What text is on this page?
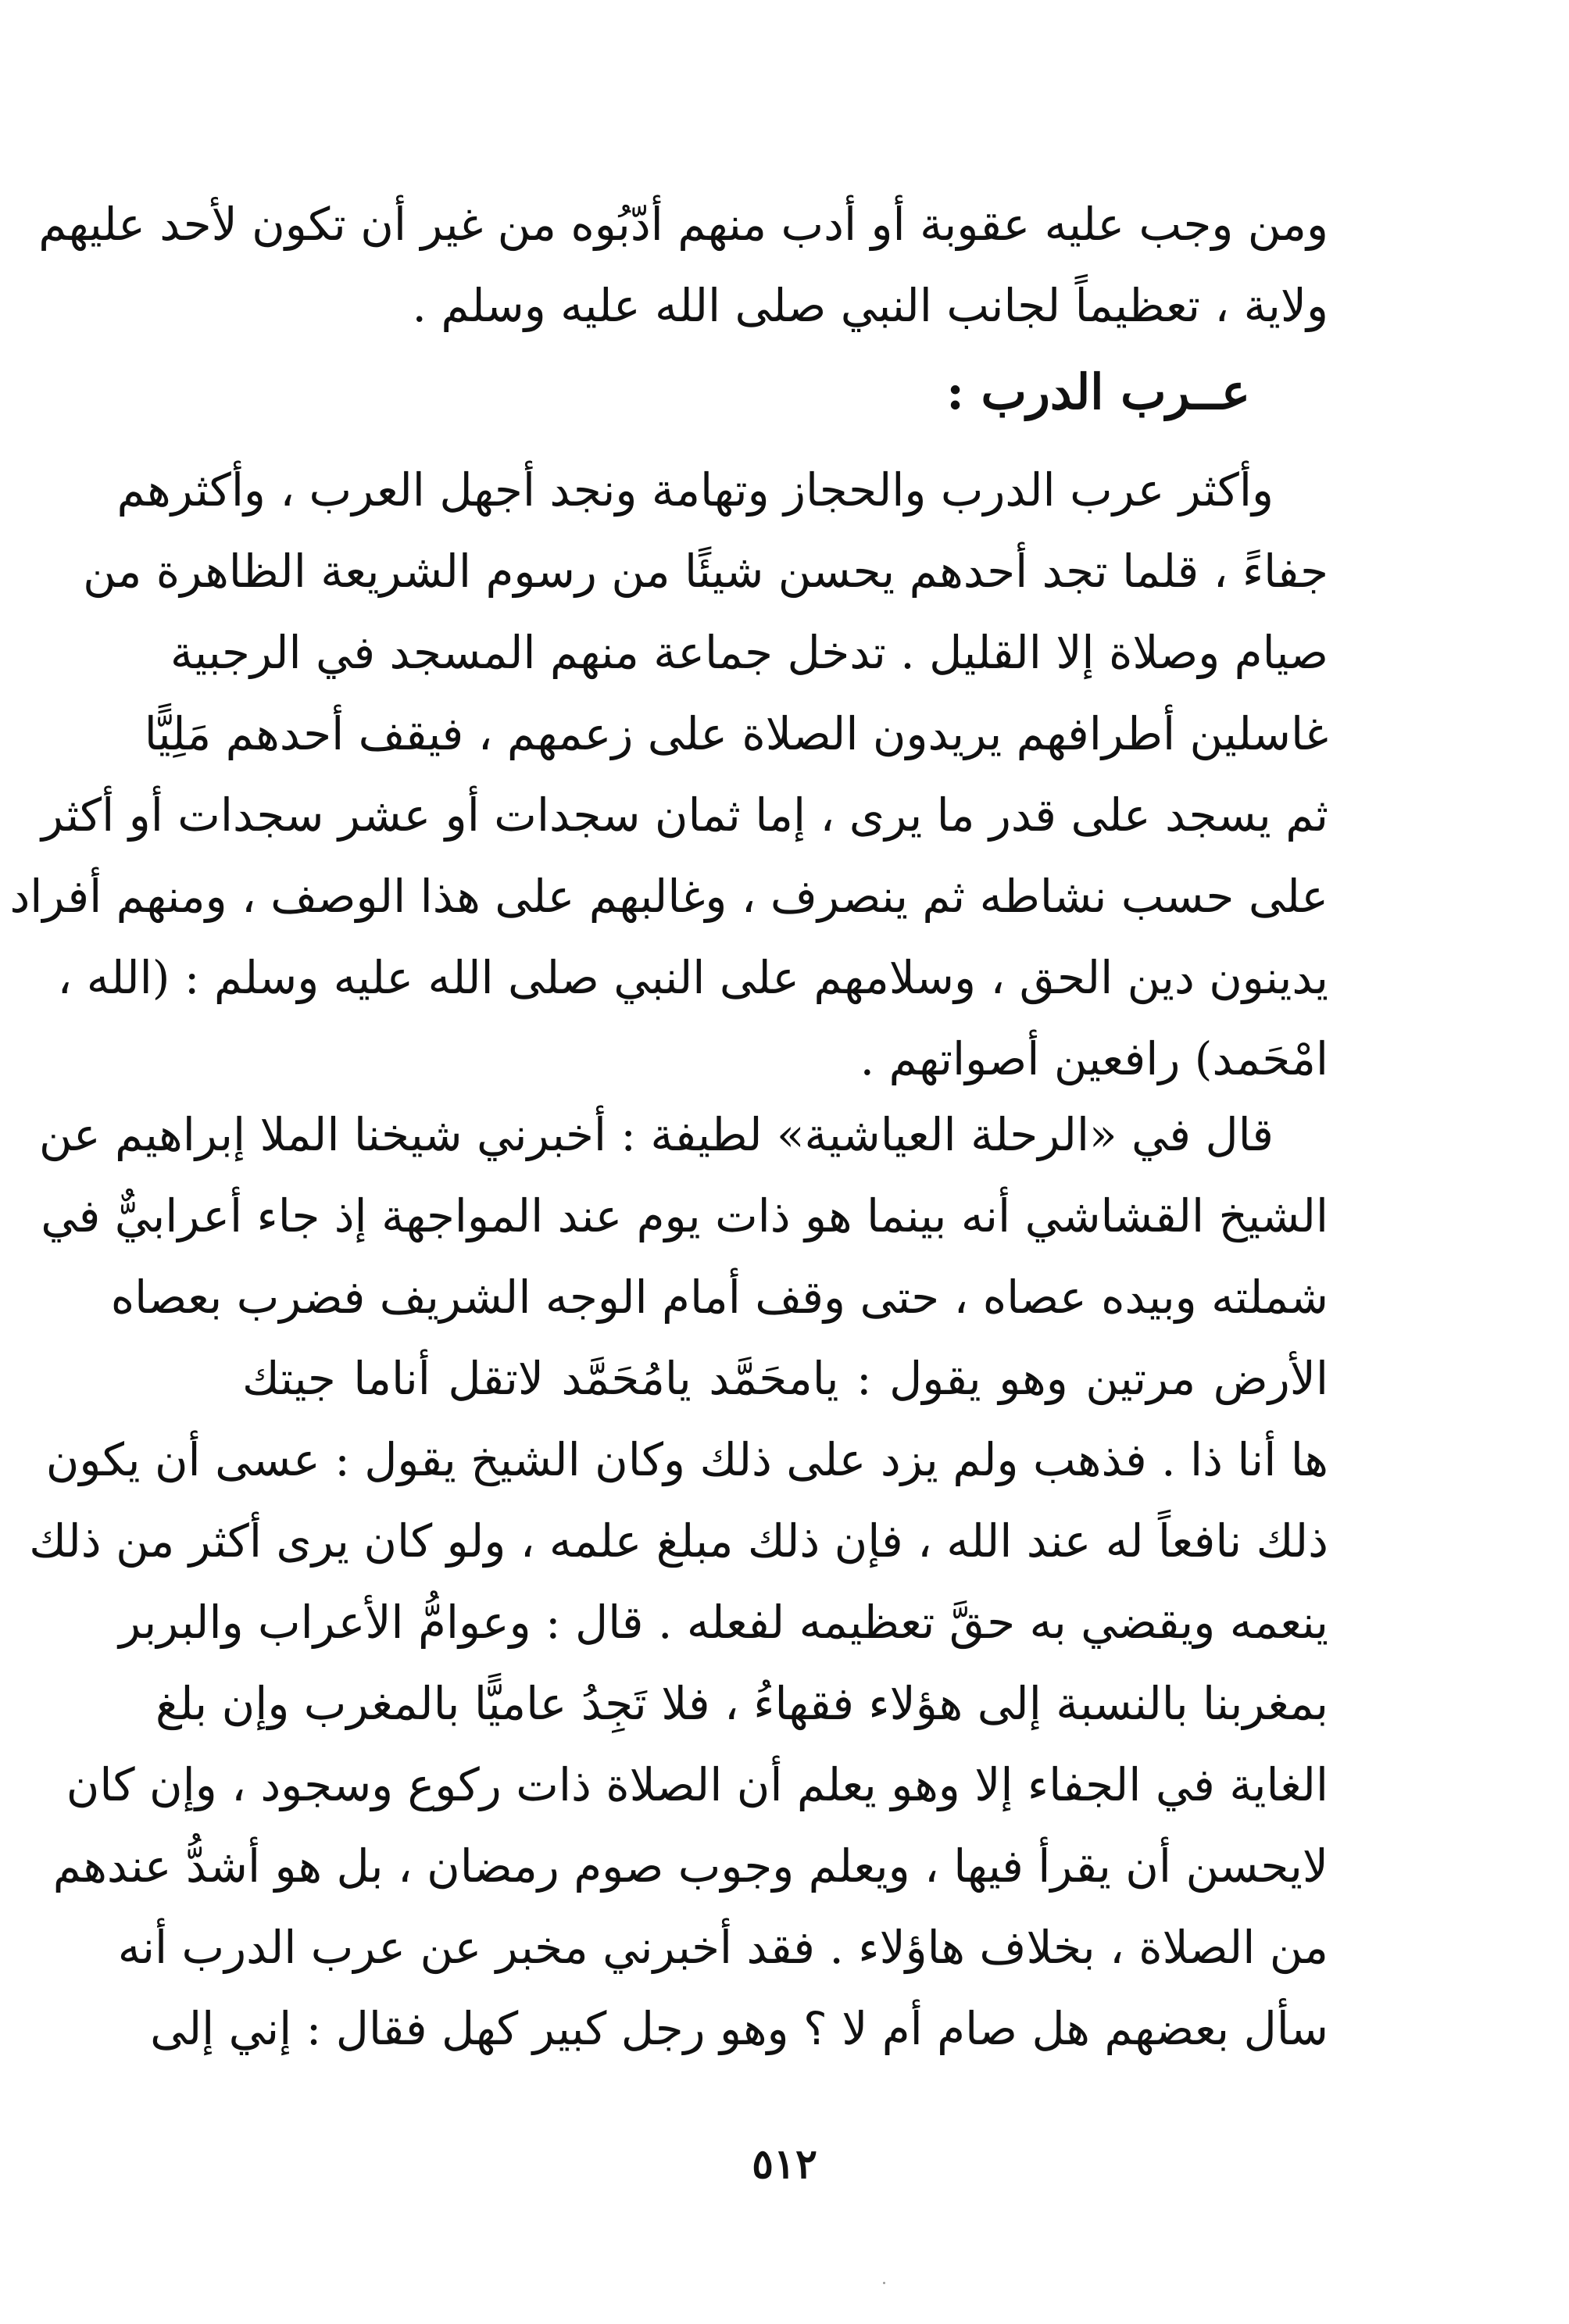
ومن وجب عليه عقوبة أو أدب منهم أدّبُوه من غير أن تكون لأحد عليهم
ولاية ، تعظيماً لجانب النبي صلى الله عليه وسلم .
عــرب الدرب :
وأكثر عرب الدرب والحجاز وتهامة ونجد أجهل العرب ، وأكثرهم
جفاءً ، قلما تجد أحدهم يحسن شيئًا من رسوم الشريعة الظاهرة من
صيام وصلاة إلا القليل . تدخل جماعة منهم المسجد في الرجبية
غاسلين أطرافهم يريدون الصلاة على زعمهم ، فيقف أحدهم مَلِيًّا
ثم يسجد على قدر ما يرى ، إما ثمان سجدات أو عشر سجدات أو أكثر
على حسب نشاطه ثم ينصرف ، وغالبهم على هذا الوصف ، ومنهم أفراد
يدينون دين الحق ، وسلامهم على النبي صلى الله عليه وسلم : (الله ،
امْحَمد) رافعين أصواتهم .
قال في «الرحلة العياشية» لطيفة : أخبرني شيخنا الملا إبراهيم عن
الشيخ القشاشي أنه بينما هو ذات يوم عند المواجهة إذ جاء أعرابيٌّ في
شملته وبيده عصاه ، حتى وقف أمام الوجه الشريف فضرب بعصاه
الأرض مرتين وهو يقول : يامحَمَّد يامُحَمَّد لاتقل أناما جيتك
ها أنا ذا . فذهب ولم يزد على ذلك وكان الشيخ يقول : عسى أن يكون
ذلك نافعاً له عند الله ، فإن ذلك مبلغ علمه ، ولو كان يرى أكثر من ذلك
ينعمه ويقضي به حقَّ تعظيمه لفعله . قال : وعوامُّ الأعراب والبربر
بمغربنا بالنسبة إلى هؤلاء فقهاءُ ، فلا تَجِدُ عاميًّا بالمغرب وإن بلغ
الغاية في الجفاء إلا وهو يعلم أن الصلاة ذات ركوع وسجود ، وإن كان
لايحسن أن يقرأ فيها ، ويعلم وجوب صوم رمضان ، بل هو أشدُّ عندهم
من الصلاة ، بخلاف هاؤلاء . فقد أخبرني مخبر عن عرب الدرب أنه
سأل بعضهم هل صام أم لا ؟ وهو رجل كبير كهل فقال : إني إلى
٥١٢
